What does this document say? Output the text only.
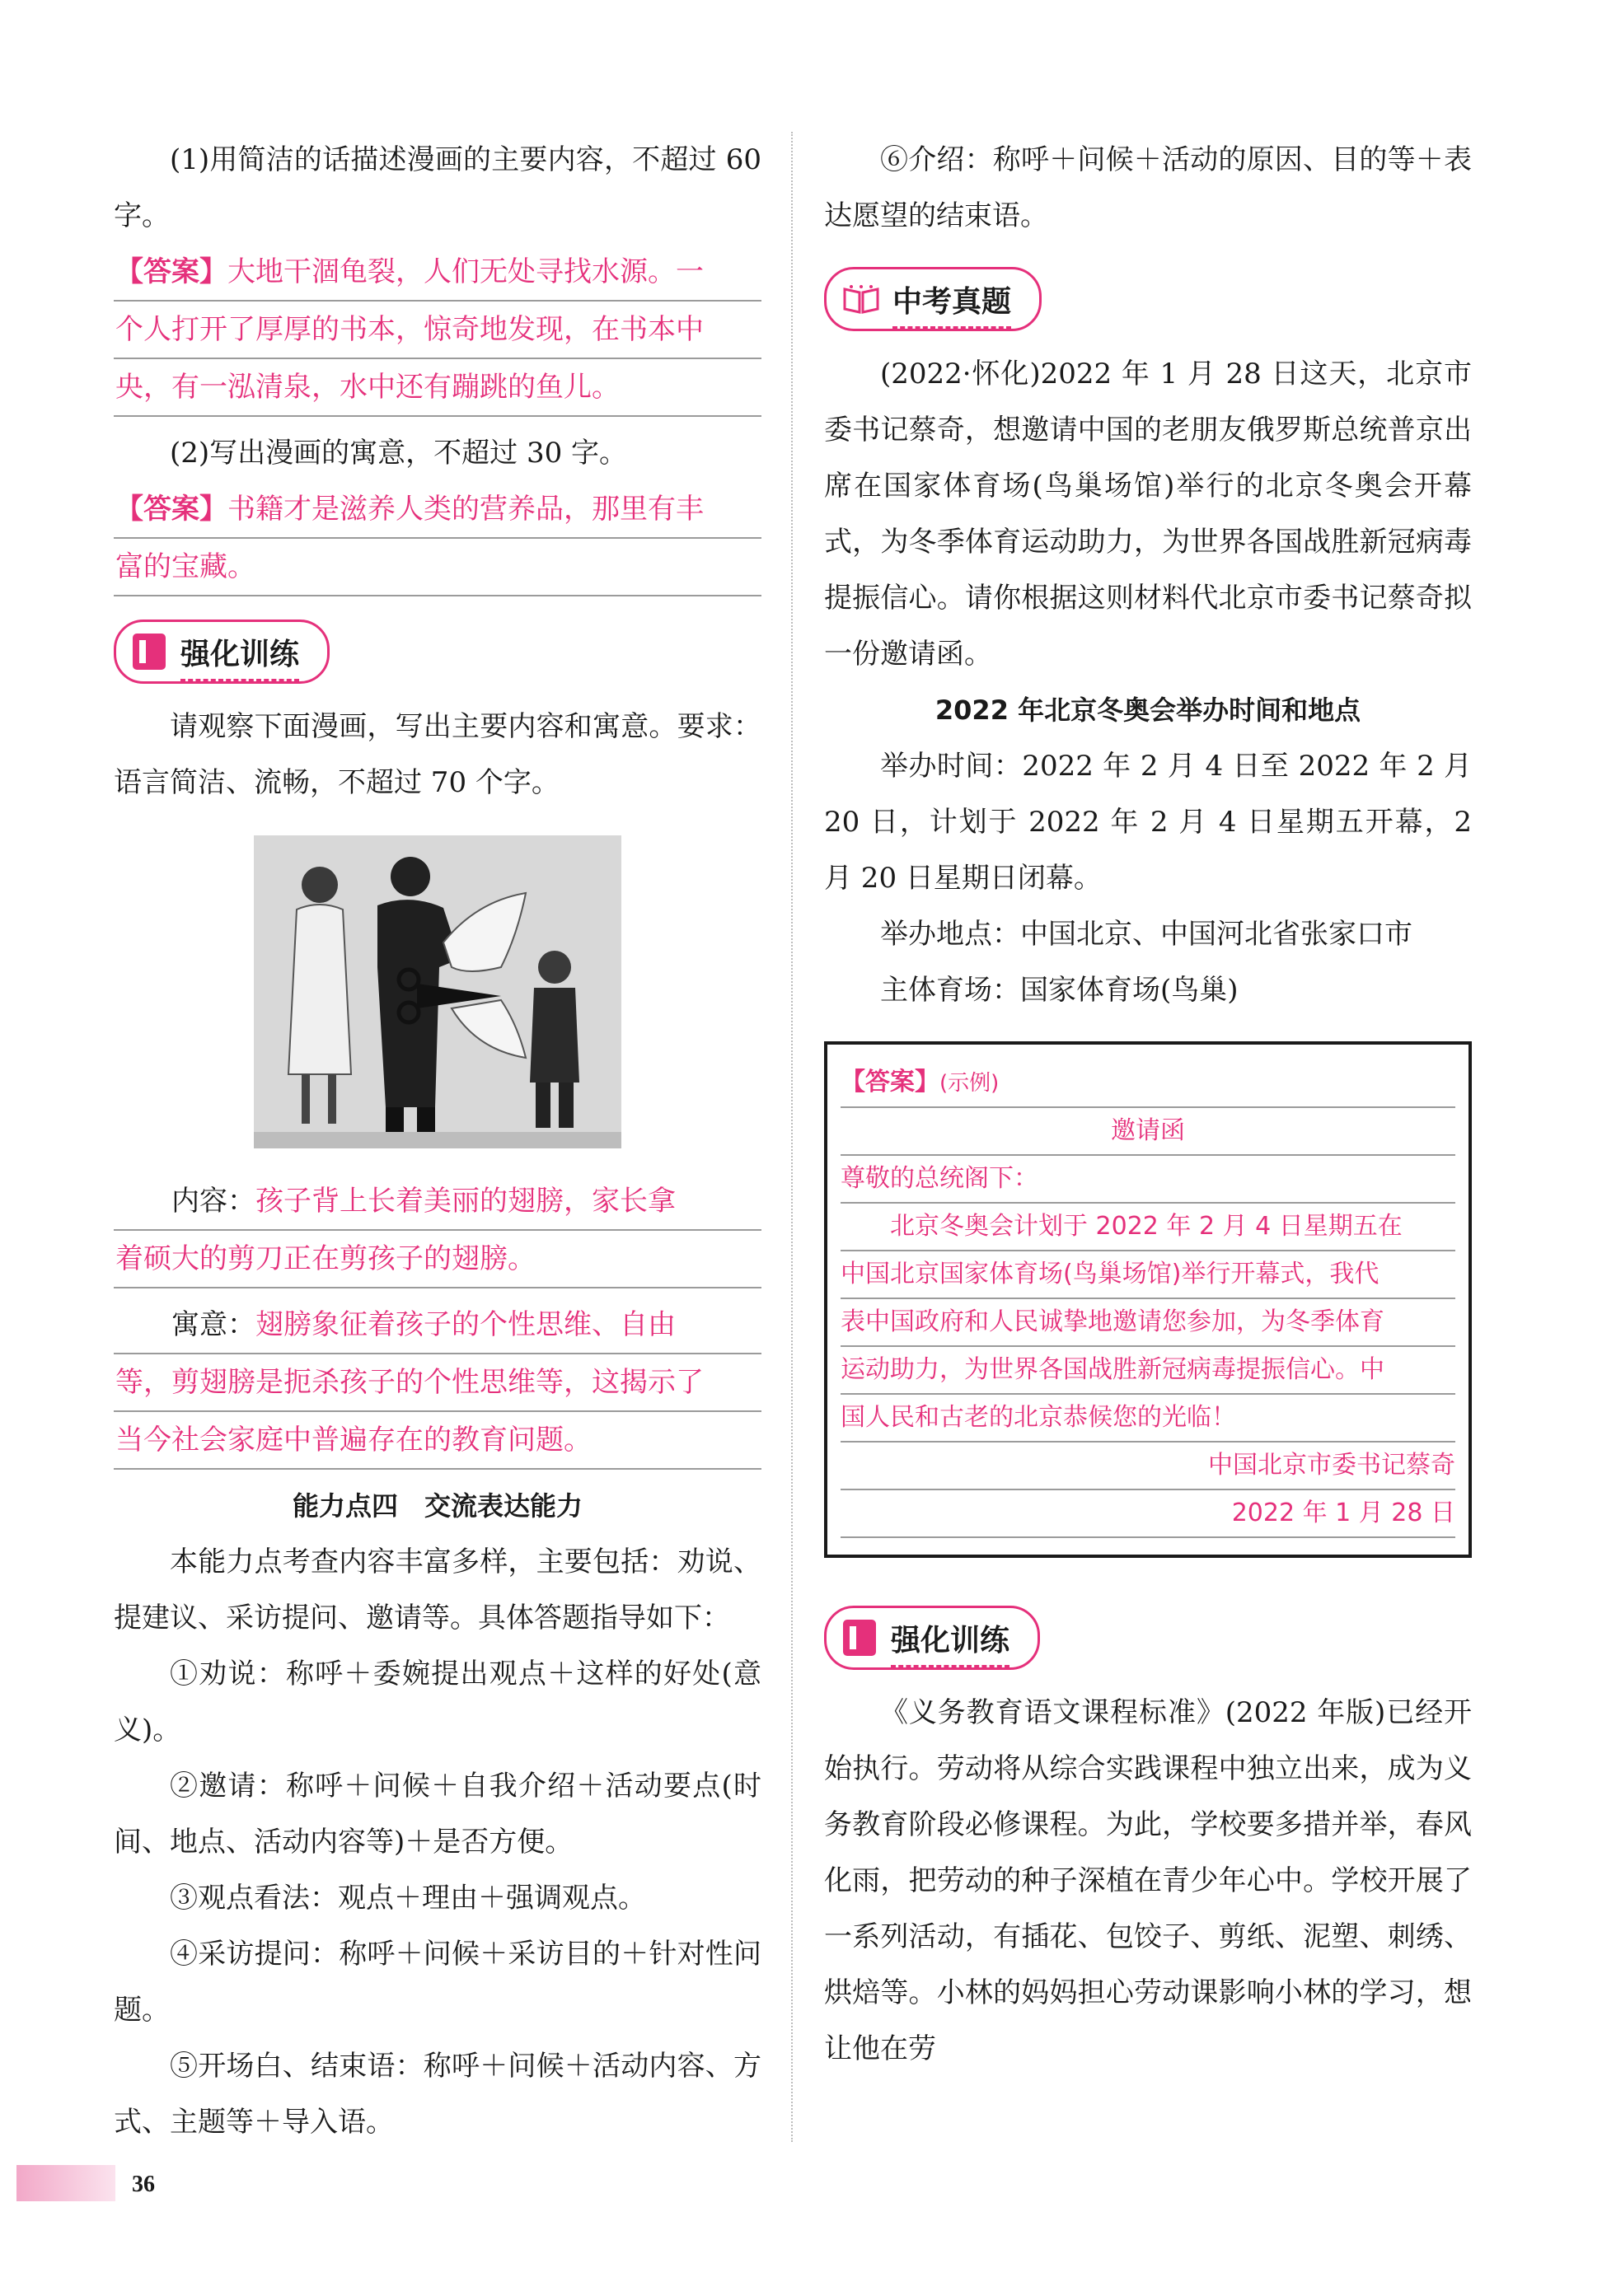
(1)用简洁的话描述漫画的主要内容，不超过 60 字。

【答案】大地干涸龟裂，人们无处寻找水源。一
个人打开了厚厚的书本，惊奇地发现，在书本中
央，有一泓清泉，水中还有蹦跳的鱼儿。

(2)写出漫画的寓意，不超过 30 字。

【答案】书籍才是滋养人类的营养品，那里有丰
富的宝藏。
强化训练

请观察下面漫画，写出主要内容和寓意。要求：语言简洁、流畅，不超过 70 个字。

内容：孩子背上长着美丽的翅膀，家长拿
着硕大的剪刀正在剪孩子的翅膀。
寓意：翅膀象征着孩子的个性思维、自由
等，剪翅膀是扼杀孩子的个性思维等，这揭示了
当今社会家庭中普遍存在的教育问题。

能力点四　交流表达能力

本能力点考查内容丰富多样，主要包括：劝说、提建议、采访提问、邀请等。具体答题指导如下：

①劝说：称呼＋委婉提出观点＋这样的好处(意义)。

②邀请：称呼＋问候＋自我介绍＋活动要点(时间、地点、活动内容等)＋是否方便。

③观点看法：观点＋理由＋强调观点。

④采访提问：称呼＋问候＋采访目的＋针对性问题。

⑤开场白、结束语：称呼＋问候＋活动内容、方式、主题等＋导入语。

⑥介绍：称呼＋问候＋活动的原因、目的等＋表达愿望的结束语。

中考真题

(2022·怀化)2022 年 1 月 28 日这天，北京市委书记蔡奇，想邀请中国的老朋友俄罗斯总统普京出席在国家体育场(鸟巢场馆)举行的北京冬奥会开幕式，为冬季体育运动助力，为世界各国战胜新冠病毒提振信心。请你根据这则材料代北京市委书记蔡奇拟一份邀请函。

2022 年北京冬奥会举办时间和地点

举办时间：2022 年 2 月 4 日至 2022 年 2 月 20 日，计划于 2022 年 2 月 4 日星期五开幕，2 月 20 日星期日闭幕。

举办地点：中国北京、中国河北省张家口市

主体育场：国家体育场(鸟巢)

【答案】(示例)
邀请函
尊敬的总统阁下：
北京冬奥会计划于 2022 年 2 月 4 日星期五在
中国北京国家体育场(鸟巢场馆)举行开幕式，我代
表中国政府和人民诚挚地邀请您参加，为冬季体育
运动助力，为世界各国战胜新冠病毒提振信心。中
国人民和古老的北京恭候您的光临！
中国北京市委书记蔡奇
2022 年 1 月 28 日
强化训练

《义务教育语文课程标准》(2022 年版)已经开始执行。劳动将从综合实践课程中独立出来，成为义务教育阶段必修课程。为此，学校要多措并举，春风化雨，把劳动的种子深植在青少年心中。学校开展了一系列活动，有插花、包饺子、剪纸、泥塑、刺绣、烘焙等。小林的妈妈担心劳动课影响小林的学习，想让他在劳

36
